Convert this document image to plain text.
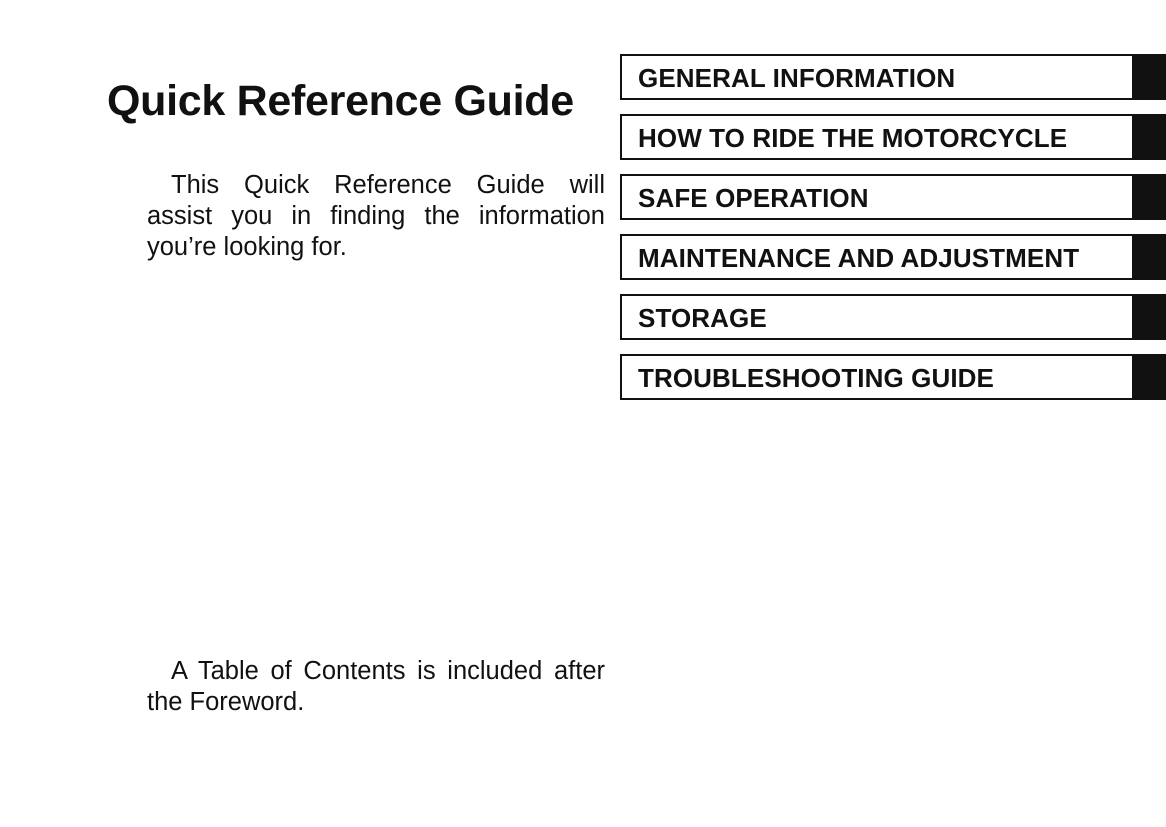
Quick Reference Guide

This Quick Reference Guide will assist you in finding the information you’re looking for.

GENERAL INFORMATION
HOW TO RIDE THE MOTORCYCLE
SAFE OPERATION
MAINTENANCE AND ADJUSTMENT
STORAGE
TROUBLESHOOTING GUIDE

A Table of Contents is included after the Foreword.
